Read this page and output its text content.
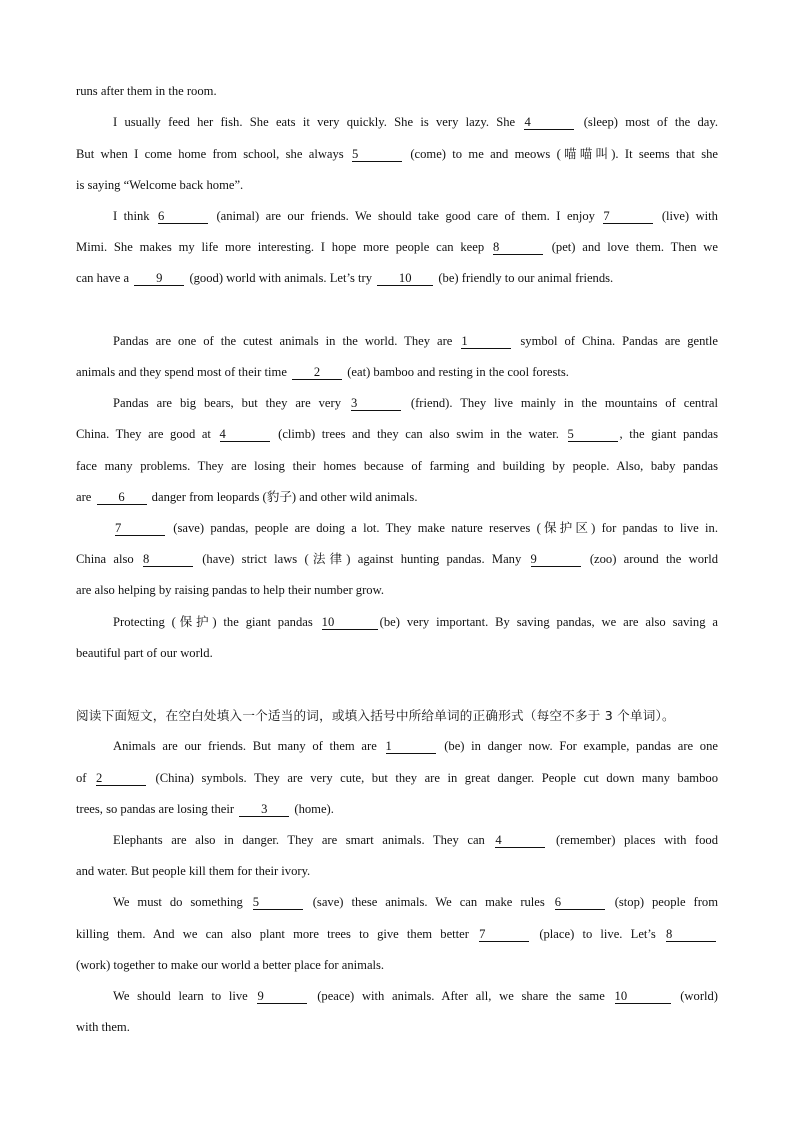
runs after them in the room.
I usually feed her fish. She eats it very quickly. She is very lazy. She 4	(sleep) most of the day.
But when I come home from school, she always 5	(come) to me and meows (喵喵叫). It seems that she
is saying “Welcome back home”.
I think 6	(animal) are our friends. We should take good care of them. I enjoy 7	(live) with
Mimi. She makes my life more interesting. I hope more people can keep 8	(pet) and love them. Then we
can have a 9 (good) world with animals. Let’s try 10 (be) friendly to our animal friends.
Pandas are one of the cutest animals in the world. They are 1	symbol of China. Pandas are gentle
animals and they spend most of their time 2 (eat) bamboo and resting in the cool forests.
Pandas are big bears, but they are very 3	(friend). They live mainly in the mountains of central
China. They are good at 4	(climb) trees and they can also swim in the water. 5	, the giant pandas
face many problems. They are losing their homes because of farming and building by people. Also, baby pandas
are 6 danger from leopards (豹子) and other wild animals.
7	(save) pandas, people are doing a lot. They make nature reserves (保护区) for pandas to live in.
China also 8	(have) strict laws (法律) against hunting pandas. Many 9	(zoo) around the world
are also helping by raising pandas to help their number grow.
Protecting (保护) the giant pandas 10	(be) very important. By saving pandas, we are also saving a
beautiful part of our world.
阅读下面短文，在空白处填入一个适当的词，或填入括号中所给单词的正确形式（每空不多于 3 个单词）。
Animals are our friends. But many of them are 1	(be) in danger now. For example, pandas are one
of 2	(China) symbols. They are very cute, but they are in great danger. People cut down many bamboo
trees, so pandas are losing their 3 (home).
Elephants are also in danger. They are smart animals. They can 4	(remember) places with food
and water. But people kill them for their ivory.
We must do something 5	(save) these animals. We can make rules 6	(stop) people from
killing them. And we can also plant more trees to give them better 7	(place) to live. Let’s 8
(work) together to make our world a better place for animals.
We should learn to live 9	(peace) with animals. After all, we share the same 10	(world)
with them.
